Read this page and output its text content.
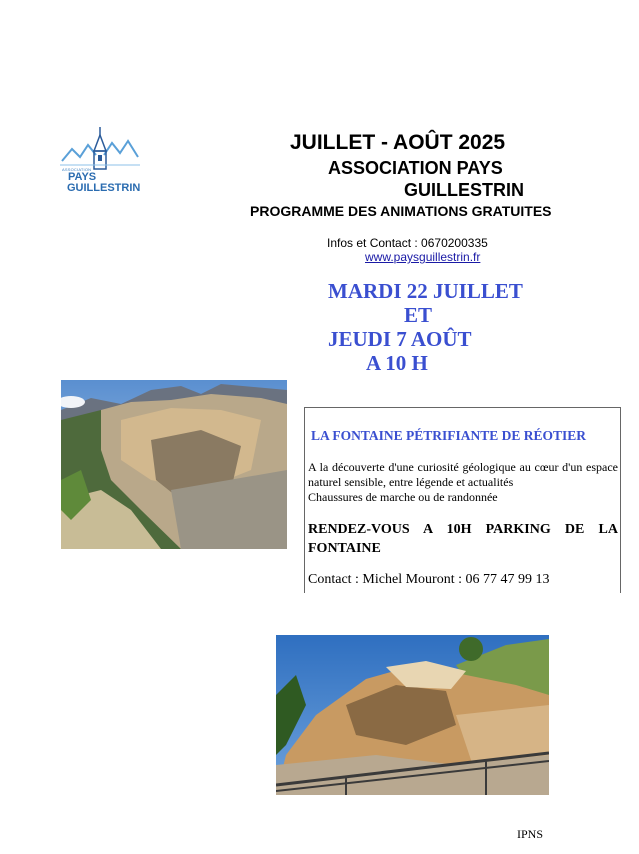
ASSOCIATION
PAYS
GUILLESTRIN
JUILLET - AOÛT 2025
ASSOCIATION PAYS
GUILLESTRIN
PROGRAMME DES ANIMATIONS GRATUITES
Infos et Contact : 0670200335
www.paysguillestrin.fr
MARDI 22 JUILLET
ET
JEUDI 7 AOÛT
A 10 H
LA FONTAINE PÉTRIFIANTE DE RÉOTIER
A la découverte d'une curiosité géologique au cœur d'un espace naturel sensible, entre légende et actualités
Chaussures de marche ou de randonnée
RENDEZ-VOUS A 10H PARKING DE LA FONTAINE
Contact : Michel Mouront : 06 77 47 99 13
IPNS
